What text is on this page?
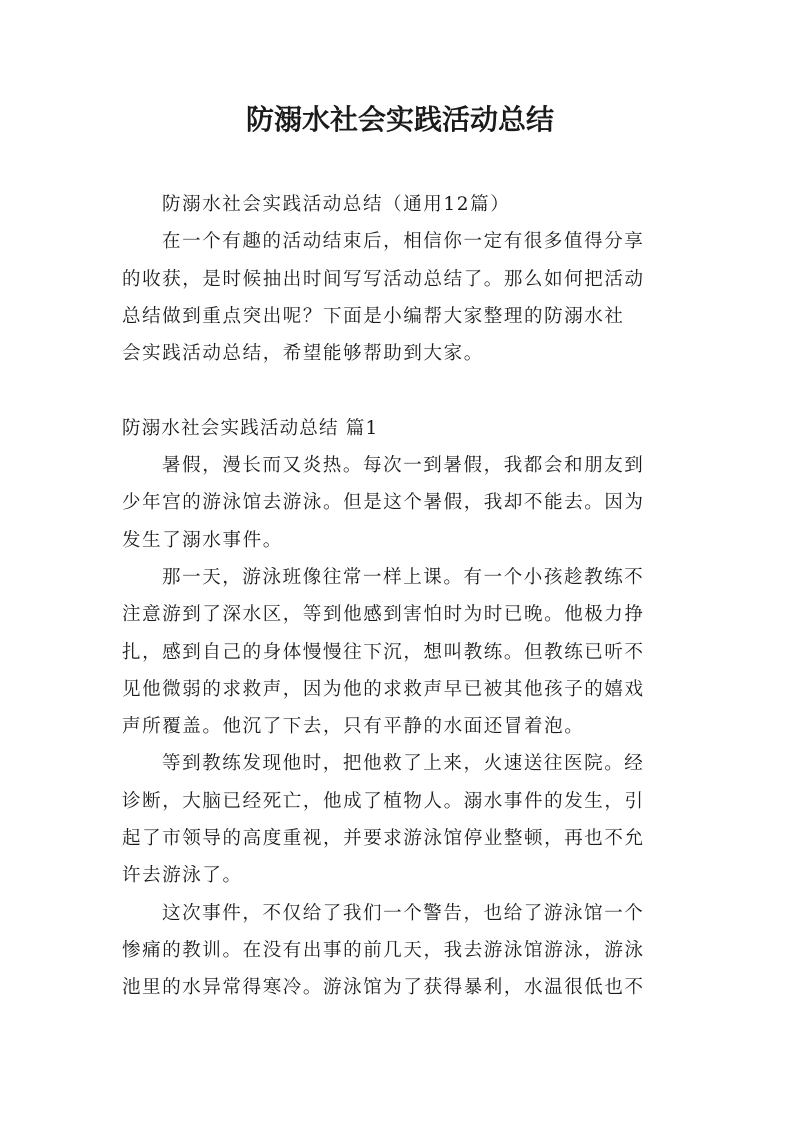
防溺水社会实践活动总结

防溺水社会实践活动总结（通用12篇）

在一个有趣的活动结束后，相信你一定有很多值得分享

的收获，是时候抽出时间写写活动总结了。那么如何把活动

总结做到重点突出呢？下面是小编帮大家整理的防溺水社

会实践活动总结，希望能够帮助到大家。

防溺水社会实践活动总结 篇1

暑假，漫长而又炎热。每次一到暑假，我都会和朋友到

少年宫的游泳馆去游泳。但是这个暑假，我却不能去。因为

发生了溺水事件。

那一天，游泳班像往常一样上课。有一个小孩趁教练不

注意游到了深水区，等到他感到害怕时为时已晚。他极力挣

扎，感到自己的身体慢慢往下沉，想叫教练。但教练已听不

见他微弱的求救声，因为他的求救声早已被其他孩子的嬉戏

声所覆盖。他沉了下去，只有平静的水面还冒着泡。

等到教练发现他时，把他救了上来，火速送往医院。经

诊断，大脑已经死亡，他成了植物人。溺水事件的发生，引

起了市领导的高度重视，并要求游泳馆停业整顿，再也不允

许去游泳了。

这次事件，不仅给了我们一个警告，也给了游泳馆一个

惨痛的教训。在没有出事的前几天，我去游泳馆游泳，游泳

池里的水异常得寒冷。游泳馆为了获得暴利，水温很低也不
